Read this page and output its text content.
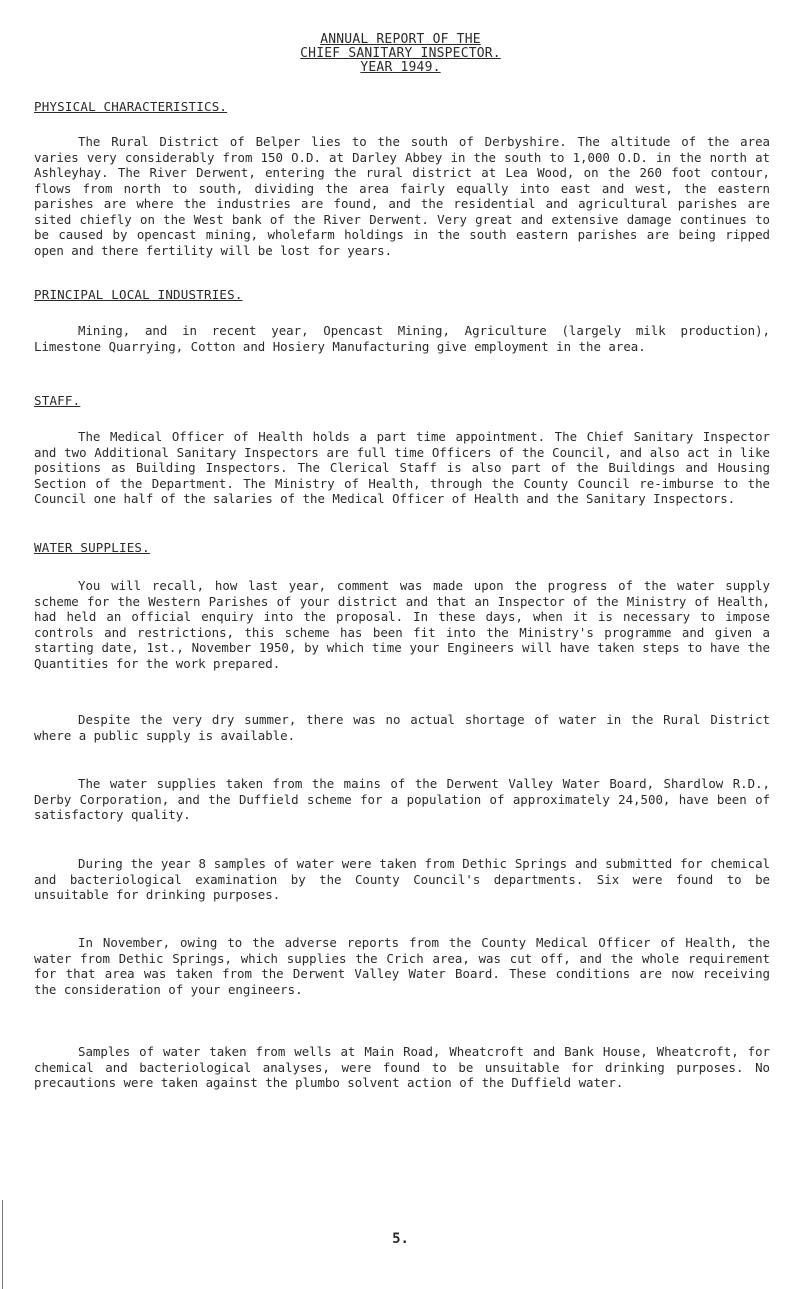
ANNUAL REPORT OF THE
CHIEF SANITARY INSPECTOR.
YEAR 1949.
PHYSICAL CHARACTERISTICS.

The Rural District of Belper lies to the south of Derbyshire. The altitude of the area varies very considerably from 150 O.D. at Darley Abbey in the south to 1,000 O.D. in the north at Ashleyhay. The River Derwent, entering the rural district at Lea Wood, on the 260 foot contour, flows from north to south, dividing the area fairly equally into east and west, the eastern parishes are where the industries are found, and the residential and agricultural parishes are sited chiefly on the West bank of the River Derwent. Very great and extensive damage continues to be caused by opencast mining, wholefarm holdings in the south eastern parishes are being ripped open and there fertility will be lost for years.

PRINCIPAL LOCAL INDUSTRIES.

Mining, and in recent year, Opencast Mining, Agriculture (largely milk production), Limestone Quarrying, Cotton and Hosiery Manufacturing give employment in the area.

STAFF.

The Medical Officer of Health holds a part time appointment. The Chief Sanitary Inspector and two Additional Sanitary Inspectors are full time Officers of the Council, and also act in like positions as Building Inspectors. The Clerical Staff is also part of the Buildings and Housing Section of the Department. The Ministry of Health, through the County Council re-imburse to the Council one half of the salaries of the Medical Officer of Health and the Sanitary Inspectors.

WATER SUPPLIES.

You will recall, how last year, comment was made upon the progress of the water supply scheme for the Western Parishes of your district and that an Inspector of the Ministry of Health, had held an official enquiry into the proposal. In these days, when it is necessary to impose controls and restrictions, this scheme has been fit into the Ministry's programme and given a starting date, 1st., November 1950, by which time your Engineers will have taken steps to have the Quantities for the work prepared.

Despite the very dry summer, there was no actual shortage of water in the Rural District where a public supply is available.

The water supplies taken from the mains of the Derwent Valley Water Board, Shardlow R.D., Derby Corporation, and the Duffield scheme for a population of approximately 24,500, have been of satisfactory quality.

During the year 8 samples of water were taken from Dethic Springs and submitted for chemical and bacteriological examination by the County Council's departments. Six were found to be unsuitable for drinking purposes.

In November, owing to the adverse reports from the County Medical Officer of Health, the water from Dethic Springs, which supplies the Crich area, was cut off, and the whole requirement for that area was taken from the Derwent Valley Water Board. These conditions are now receiving the consideration of your engineers.

Samples of water taken from wells at Main Road, Wheatcroft and Bank House, Wheatcroft, for chemical and bacteriological analyses, were found to be unsuitable for drinking purposes. No precautions were taken against the plumbo solvent action of the Duffield water.

5.
